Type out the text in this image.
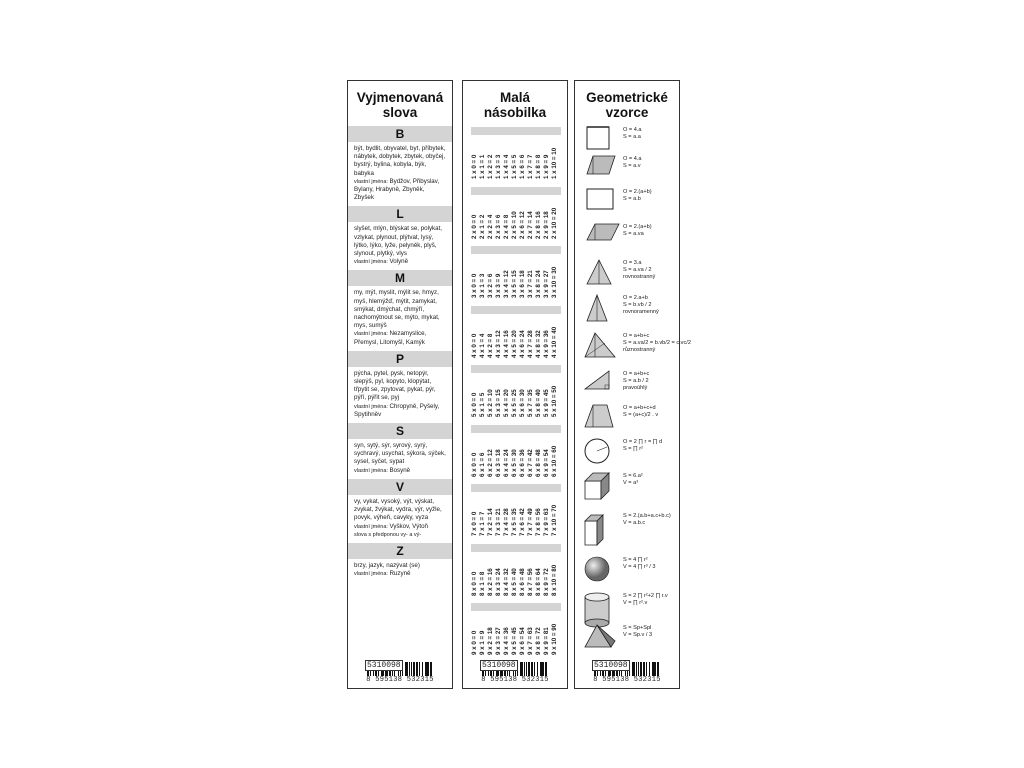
Vyjmenovaná
slova
B
být, bydlit, obyvatel, byt, příbytek, nábytek, dobytek, zbytek, obyčej, bystrý, bylina, kobyla, býk, babyka
vlastní jména: Bydžov, Přibyslav, Bylany, Hrabyně, Zbyněk, Zbyšek
L
slyšet, mlýn, blýskat se, polykat, vzlykat, plynout, plýtvat, lysý, lýtko, lýko, lyže, pelyněk, plyš, slynout, plytký, vlys
vlastní jména: Volyně
M
my, mýt, myslit, mýlit se, hmyz, myš, hlemýžď, mýtit, zamykat, smýkat, dmýchat, chmýří, nachomýtnout se, mýto, mykat, mys, sumýš
vlastní jména: Nezamyslice, Přemysl, Litomyšl, Kamýk
P
pýcha, pytel, pysk, netopýr, slepýš, pyl, kopyto, klopýtat, třpytit se, zpytovat, pykat, pýr, pýří, pýřit se, pyj
vlastní jména: Chropyně, Pyšely, Spytihněv
S
syn, sytý, sýr, syrový, syrý, sychravý, usychat, sýkora, sýček, sysel, syčet, sypat
vlastní jména: Bosyně
V
vy, vykat, vysoký, výt, výskat, zvykat, žvýkat, vydra, výr, vyžle, povyk, výheň, cavyky, vyza
vlastní jména: Vyškov, Výtoň
slova s předponou vy- a vý-
Z
brzy, jazyk, nazývat (se)
vlastní jména: Ruzyně
5310098
8 595138 532315
Malá
násobilka
1 x 0 = 0 1 x 1 = 1 1 x 2 = 2 1 x 3 = 3 1 x 4 = 4 1 x 5 = 5 1 x 6 = 6 1 x 7 = 7 1 x 8 = 8 1 x 9 = 9 1 x 10 = 10
2 x 0 = 0 2 x 1 = 2 2 x 2 = 4 2 x 3 = 6 2 x 4 = 8 2 x 5 = 10 2 x 6 = 12 2 x 7 = 14 2 x 8 = 16 2 x 9 = 18 2 x 10 = 20
3 x 0 = 0 3 x 1 = 3 3 x 2 = 6 3 x 3 = 9 3 x 4 = 12 3 x 5 = 15 3 x 6 = 18 3 x 7 = 21 3 x 8 = 24 3 x 9 = 27 3 x 10 = 30
4 x 0 = 0 4 x 1 = 4 4 x 2 = 8 4 x 3 = 12 4 x 4 = 16 4 x 5 = 20 4 x 6 = 24 4 x 7 = 28 4 x 8 = 32 4 x 9 = 36 4 x 10 = 40
5 x 0 = 0 5 x 1 = 5 5 x 2 = 10 5 x 3 = 15 5 x 4 = 20 5 x 5 = 25 5 x 6 = 30 5 x 7 = 35 5 x 8 = 40 5 x 9 = 45 5 x 10 = 50
6 x 0 = 0 6 x 1 = 6 6 x 2 = 12 6 x 3 = 18 6 x 4 = 24 6 x 5 = 30 6 x 6 = 36 6 x 7 = 42 6 x 8 = 48 6 x 9 = 54 6 x 10 = 60
7 x 0 = 0 7 x 1 = 7 7 x 2 = 14 7 x 3 = 21 7 x 4 = 28 7 x 5 = 35 7 x 6 = 42 7 x 7 = 49 7 x 8 = 56 7 x 9 = 63 7 x 10 = 70
8 x 0 = 0 8 x 1 = 8 8 x 2 = 16 8 x 3 = 24 8 x 4 = 32 8 x 5 = 40 8 x 6 = 48 8 x 7 = 56 8 x 8 = 64 8 x 9 = 72 8 x 10 = 80
9 x 0 = 0 9 x 1 = 9 9 x 2 = 18 9 x 3 = 27 9 x 4 = 36 9 x 5 = 45 9 x 6 = 54 9 x 7 = 63 9 x 8 = 72 9 x 9 = 81 9 x 10 = 90
5310098
8 595138 532315
Geometrické
vzorce
O = 4.a
S = a.a
O = 4.a
S = a.v
O = 2.(a+b)
S = a.b
O = 2.(a+b)
S = a.va
O = 3.a
S = a.va / 2
rovnostranný
O = 2.a+b
S = b.vb / 2
rovnoramenný
O = a+b+c
S = a.va/2 = b.vb/2 = c.vc/2
různostranný
O = a+b+c
S = a.b / 2
pravoúhlý
O = a+b+c+d
S = (a+c)/2 . v
O = 2 ∏ r = ∏ d
S = ∏ r²
S = 6.a²
V = a³
S = 2.(a.b+a.c+b.c)
V = a.b.c
S = 4 ∏ r²
V = 4 ∏ r³ / 3
S = 2 ∏ r²+2 ∏ r.v
V = ∏ r².v
S = Sp+Spl
V = Sp.v / 3
5310098
8 595138 532315
